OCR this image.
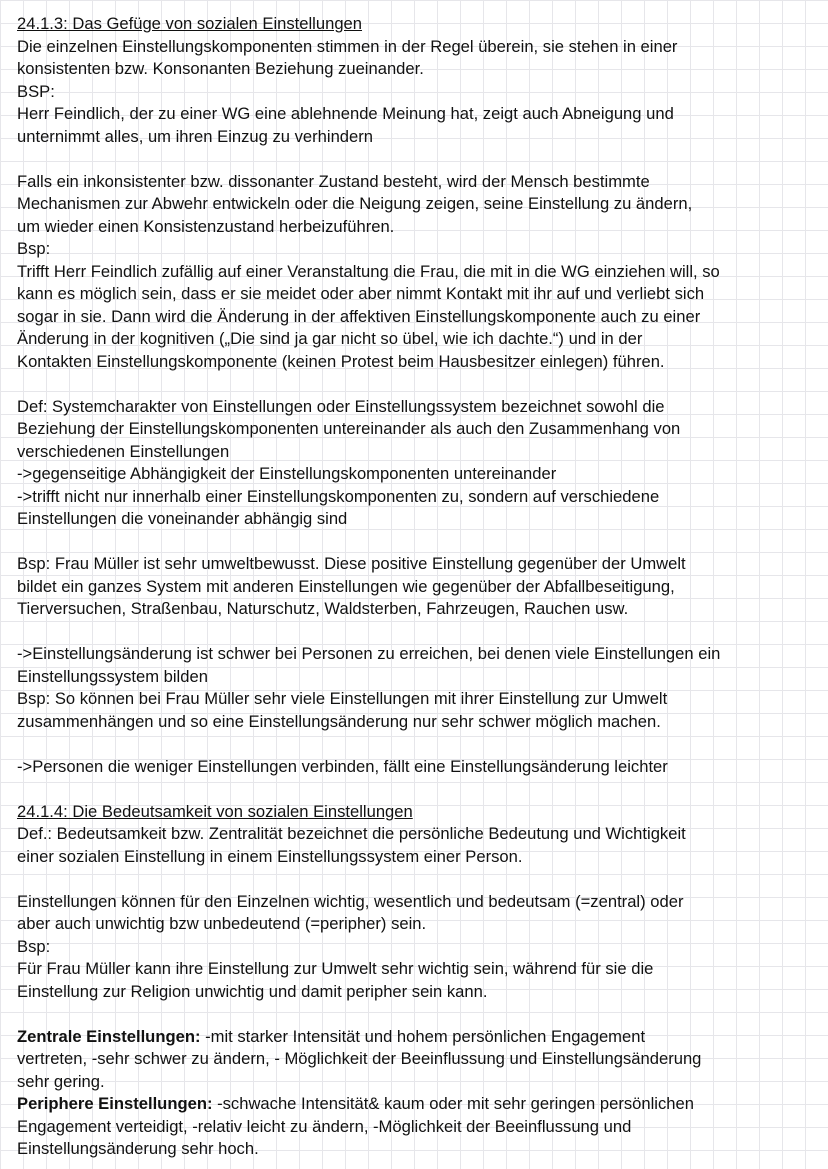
24.1.3: Das Gefüge von sozialen Einstellungen
Die einzelnen Einstellungskomponenten stimmen in der Regel überein, sie stehen in einer
konsistenten bzw. Konsonanten Beziehung zueinander.
BSP:
Herr Feindlich, der zu einer WG eine ablehnende Meinung hat, zeigt auch Abneigung und
unternimmt alles, um ihren Einzug zu verhindern
Falls ein inkonsistenter bzw. dissonanter Zustand besteht, wird der Mensch bestimmte
Mechanismen zur Abwehr entwickeln oder die Neigung zeigen, seine Einstellung zu ändern,
um wieder einen Konsistenzustand herbeizuführen.
Bsp:
Trifft Herr Feindlich zufällig auf einer Veranstaltung die Frau, die mit in die WG einziehen will, so
kann es möglich sein, dass er sie meidet oder aber nimmt Kontakt mit ihr auf und verliebt sich
sogar in sie. Dann wird die Änderung in der affektiven Einstellungskomponente auch zu einer
Änderung in der kognitiven („Die sind ja gar nicht so übel, wie ich dachte.“) und in der
Kontakten Einstellungskomponente (keinen Protest beim Hausbesitzer einlegen) führen.
Def: Systemcharakter von Einstellungen oder Einstellungssystem bezeichnet sowohl die
Beziehung der Einstellungskomponenten untereinander als auch den Zusammenhang von
verschiedenen Einstellungen
->gegenseitige Abhängigkeit der Einstellungskomponenten untereinander
->trifft nicht nur innerhalb einer Einstellungskomponenten zu, sondern auf verschiedene
Einstellungen die voneinander abhängig sind
Bsp: Frau Müller ist sehr umweltbewusst. Diese positive Einstellung gegenüber der Umwelt
bildet ein ganzes System mit anderen Einstellungen wie gegenüber der Abfallbeseitigung,
Tierversuchen, Straßenbau, Naturschutz, Waldsterben, Fahrzeugen, Rauchen usw.
->Einstellungsänderung ist schwer bei Personen zu erreichen, bei denen viele Einstellungen ein
Einstellungssystem bilden
Bsp: So können bei Frau Müller sehr viele Einstellungen mit ihrer Einstellung zur Umwelt
zusammenhängen und so eine Einstellungsänderung nur sehr schwer möglich machen.
->Personen die weniger Einstellungen verbinden, fällt eine Einstellungsänderung leichter
24.1.4: Die Bedeutsamkeit von sozialen Einstellungen
Def.: Bedeutsamkeit bzw. Zentralität bezeichnet die persönliche Bedeutung und Wichtigkeit
einer sozialen Einstellung in einem Einstellungssystem einer Person.
Einstellungen können für den Einzelnen wichtig, wesentlich und bedeutsam (=zentral) oder
aber auch unwichtig bzw unbedeutend (=peripher) sein.
Bsp:
Für Frau Müller kann ihre Einstellung zur Umwelt sehr wichtig sein, während für sie die
Einstellung zur Religion unwichtig und damit peripher sein kann.
Zentrale Einstellungen: -mit starker Intensität und hohem persönlichen Engagement
vertreten, -sehr schwer zu ändern, - Möglichkeit der Beeinflussung und Einstellungsänderung
sehr gering.
Periphere Einstellungen: -schwache Intensität& kaum oder mit sehr geringen persönlichen
Engagement verteidigt, -relativ leicht zu ändern, -Möglichkeit der Beeinflussung und
Einstellungsänderung sehr hoch.
